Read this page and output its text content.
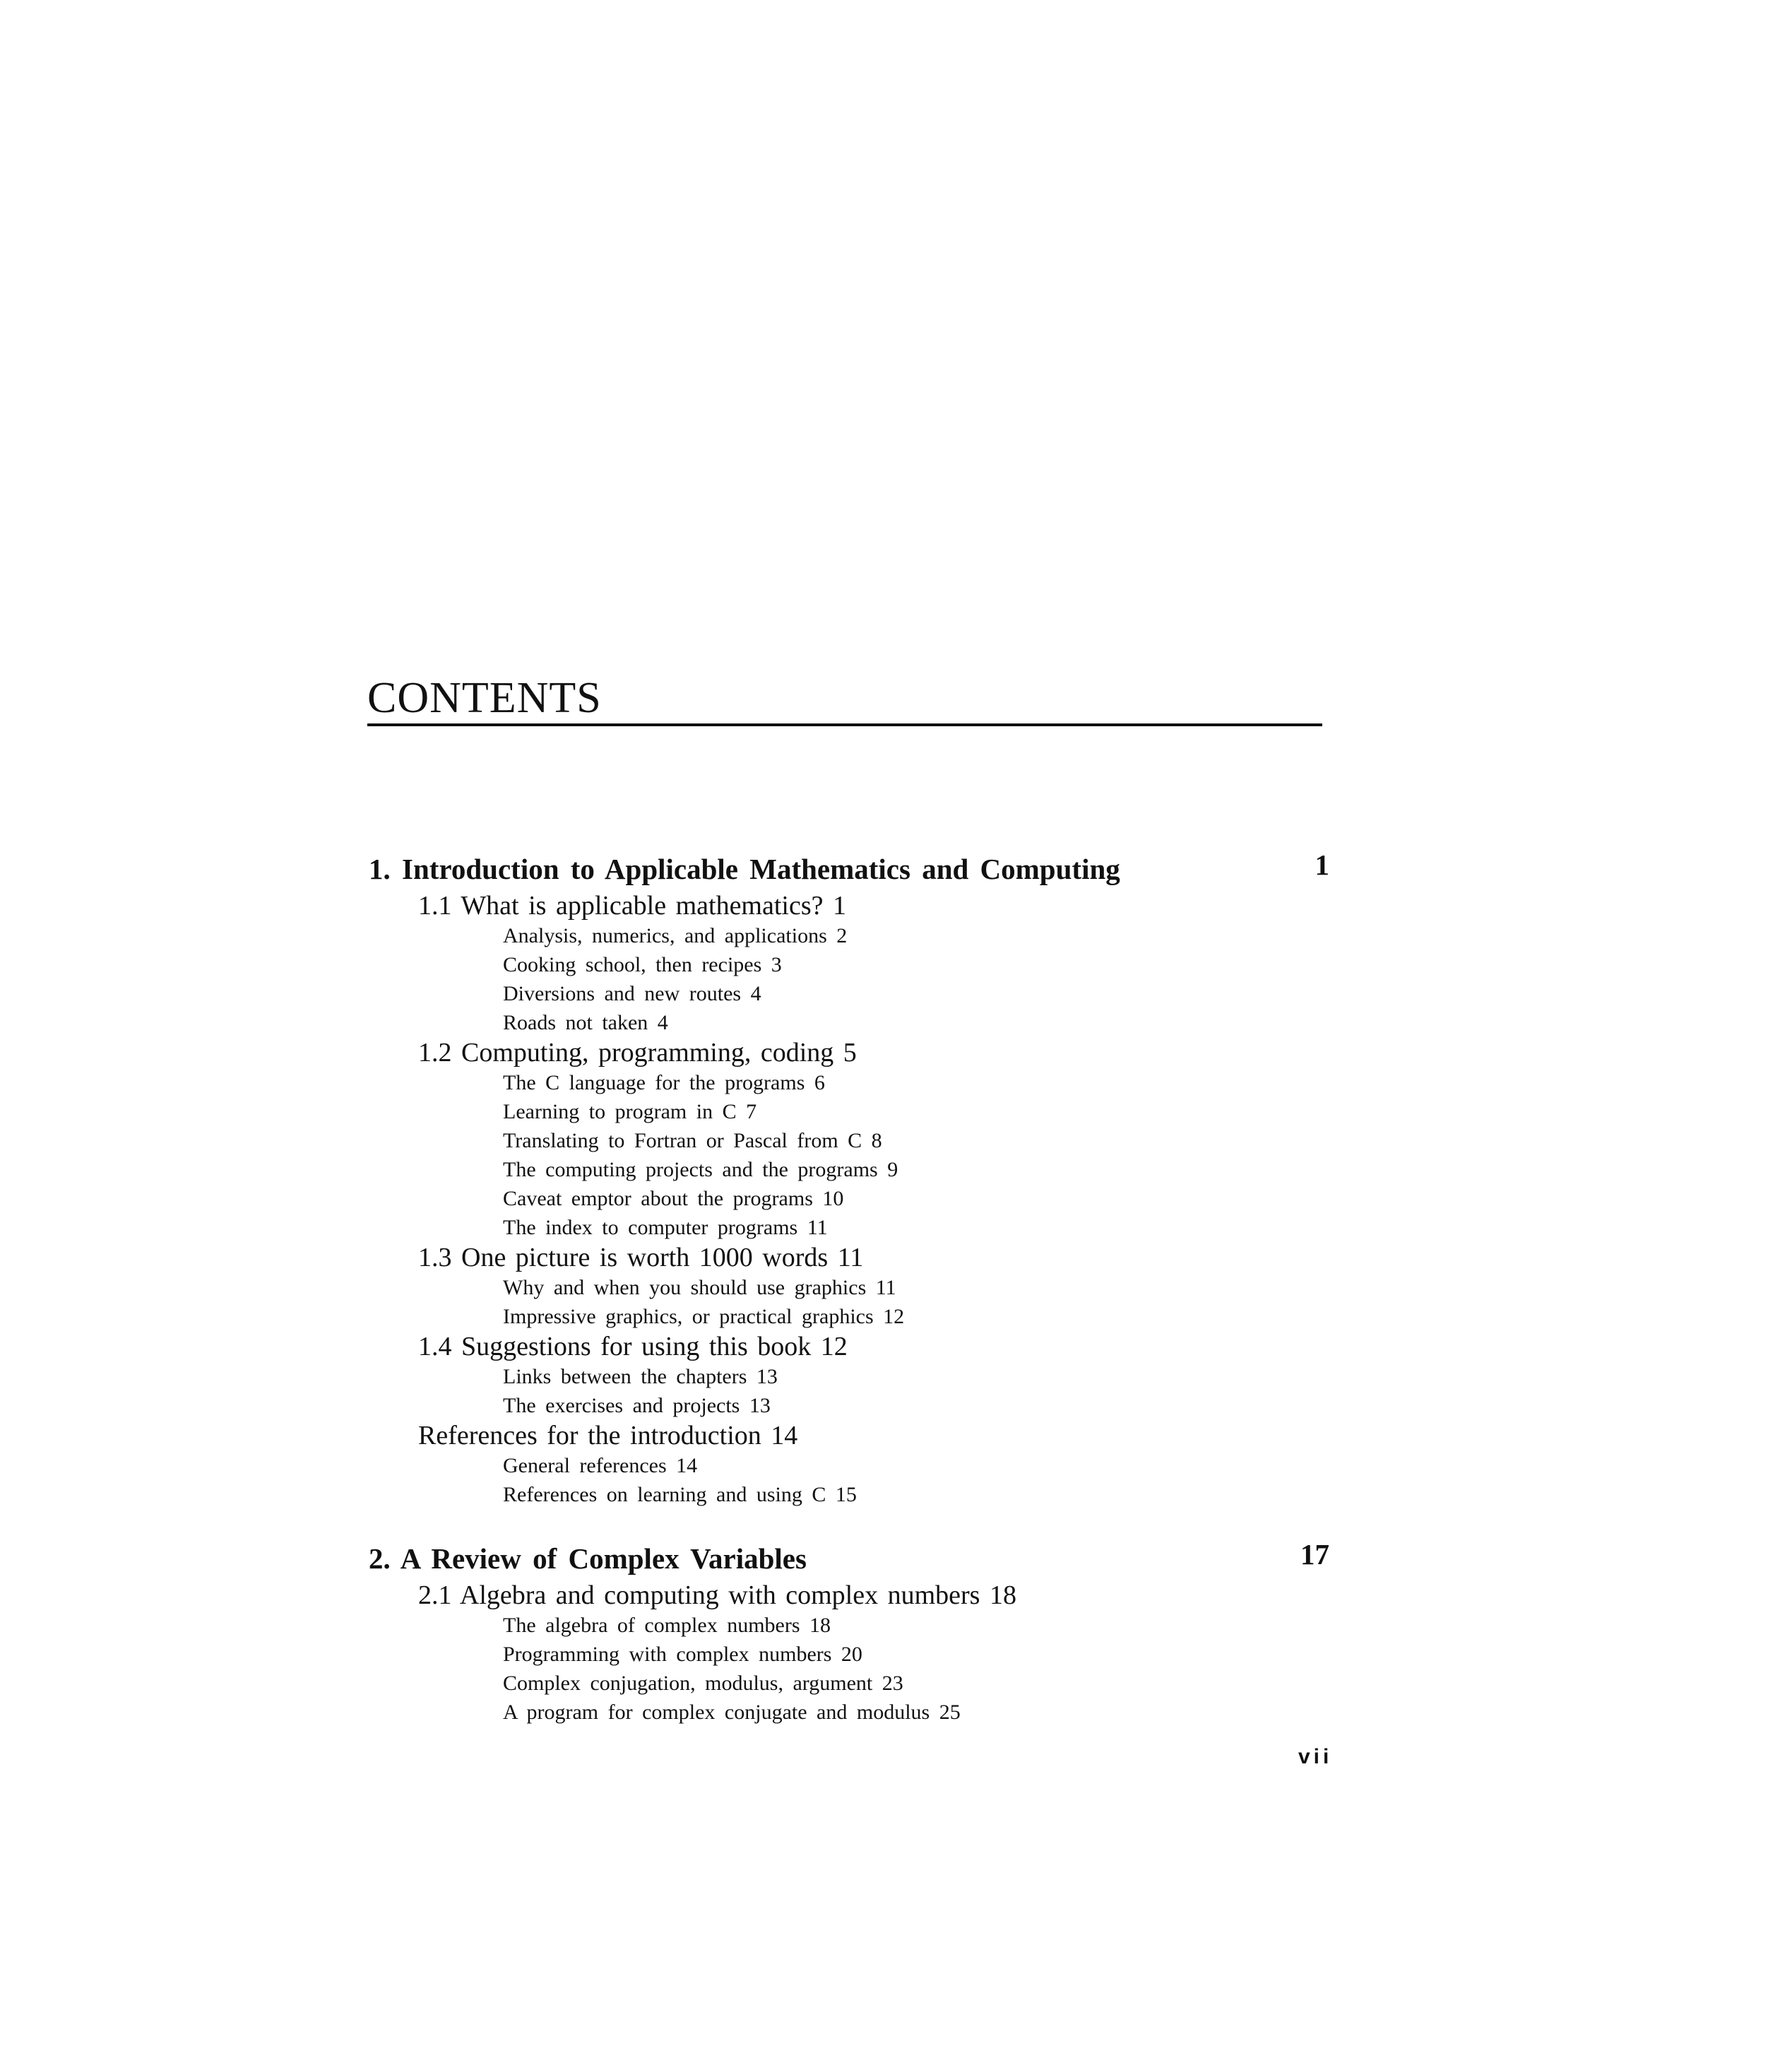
CONTENTS
1. Introduction to Applicable Mathematics and Computing	1
1.1 What is applicable mathematics? 1
Analysis, numerics, and applications 2
Cooking school, then recipes 3
Diversions and new routes 4
Roads not taken 4
1.2 Computing, programming, coding 5
The C language for the programs 6
Learning to program in C 7
Translating to Fortran or Pascal from C 8
The computing projects and the programs 9
Caveat emptor about the programs 10
The index to computer programs 11
1.3 One picture is worth 1000 words 11
Why and when you should use graphics 11
Impressive graphics, or practical graphics 12
1.4 Suggestions for using this book 12
Links between the chapters 13
The exercises and projects 13
References for the introduction 14
General references 14
References on learning and using C 15
2. A Review of Complex Variables	17
2.1 Algebra and computing with complex numbers 18
The algebra of complex numbers 18
Programming with complex numbers 20
Complex conjugation, modulus, argument 23
A program for complex conjugate and modulus 25
vii
